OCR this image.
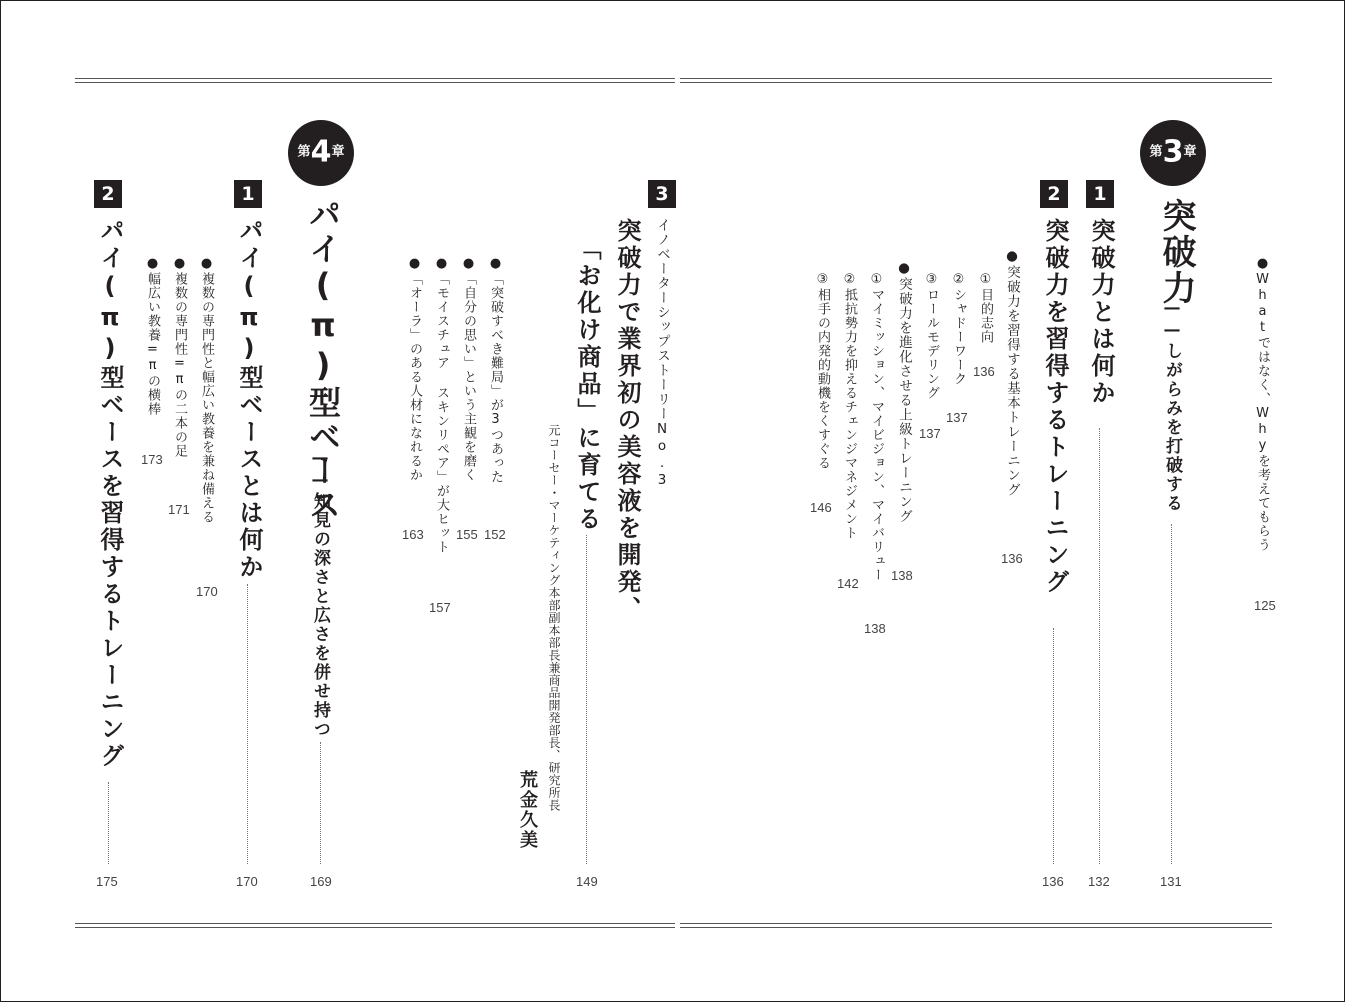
●Whatではなく、Whyを考えてもらう
125
第3章
突破力
——しがらみを打破する
131
1
突破力とは何か
132
2
突破力を習得するトレーニング
136
●突破力を習得する基本トレーニング
136
①目的志向
136
②シャドーワーク
137
③ロールモデリング
137
●突破力を進化させる上級トレーニング
138
①マイミッション、マイビジョン、マイバリュー
138
②抵抗勢力を抑えるチェンジマネジメント
142
③相手の内発的動機をくすぐる
146
3
イノベーターシップストーリーNo.3
突破力で業界初の美容液を開発、
「お化け商品」に育てる
149
元コーセー・マーケティング本部副本部長兼商品開発部長、研究所長
荒金久美
●「突破すべき難局」が3つあった
152
●「自分の思い」という主観を磨く
155
●「モイスチュア スキンリペア」が大ヒット
157
●「オーラ」のある人材になれるか
163
第4章
パイ(π)型ベース
——知見の深さと広さを併せ持つ
169
1
パイ(π)型ベースとは何か
170
●複数の専門性と幅広い教養を兼ね備える
170
●複数の専門性=πの二本の足
171
●幅広い教養=πの横棒
173
2
パイ(π)型ベースを習得するトレーニング
175
